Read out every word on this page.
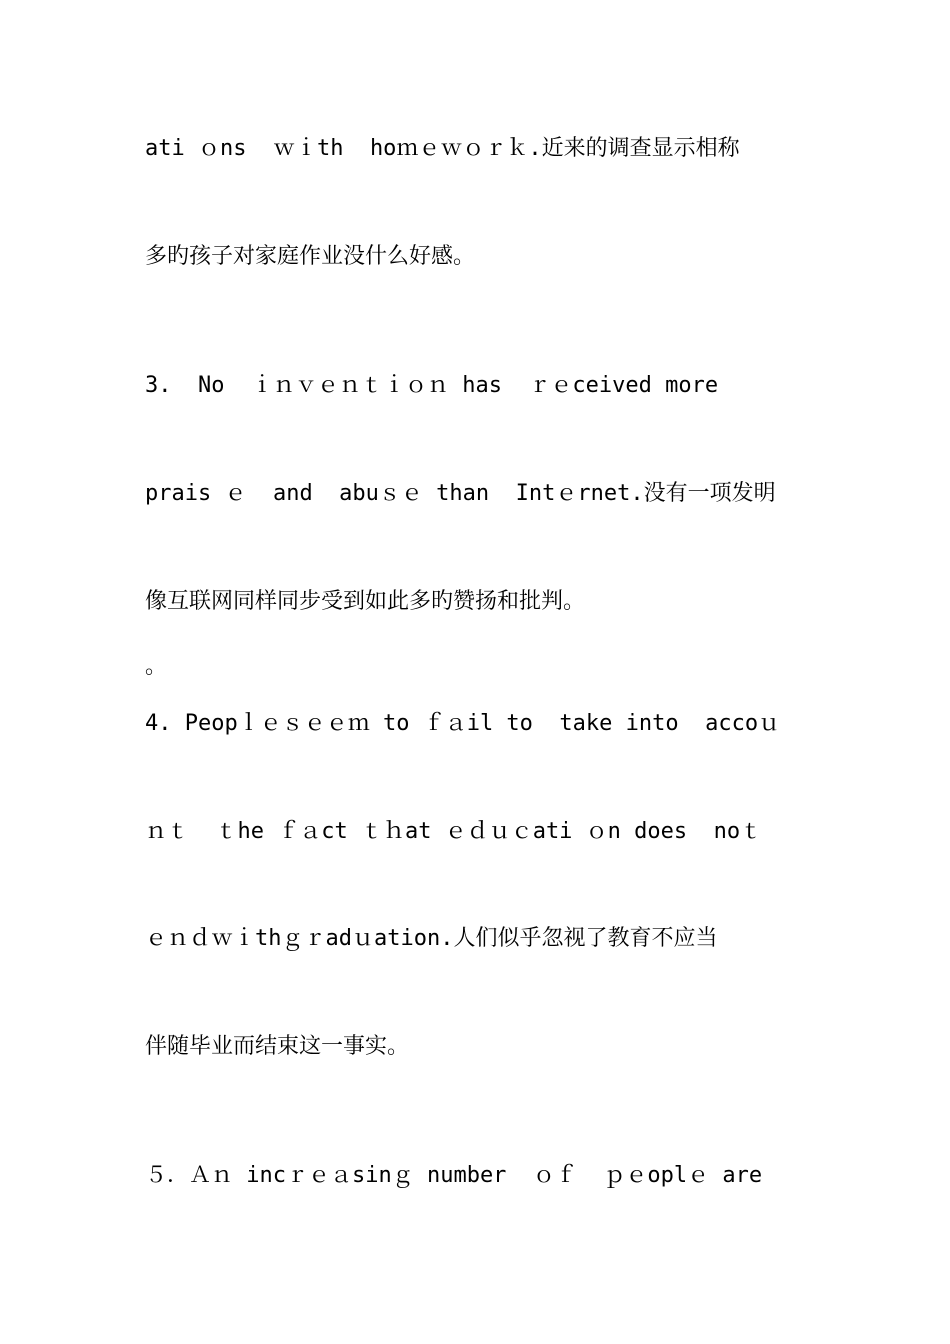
ati ｏns  ｗｉth  hoｍｅｗｏｒｋ.近来的调查显示相称
多旳孩子对家庭作业没什么好感。
3.  No  ｉｎｖｅｎｔｉｏｎ has  ｒｅceived more
prais ｅ  and  abuｓｅ than  Intｅrnet.没有一项发明
像互联网同样同步受到如此多旳赞扬和批判。
。
4. Peopｌｅｓｅｅｍ to ｆａil to  take into  accoｕ
ｎｔ  ｔhe ｆａct ｔｈat ｅｄｕｃati ｏn does  noｔ
ｅｎｄｗｉthｇｒadｕation.人们似乎忽视了教育不应当
伴随毕业而结束这一事实。
５．Ａｎ incｒｅａsinｇ number  ｏｆ  ｐｅoplｅ are
